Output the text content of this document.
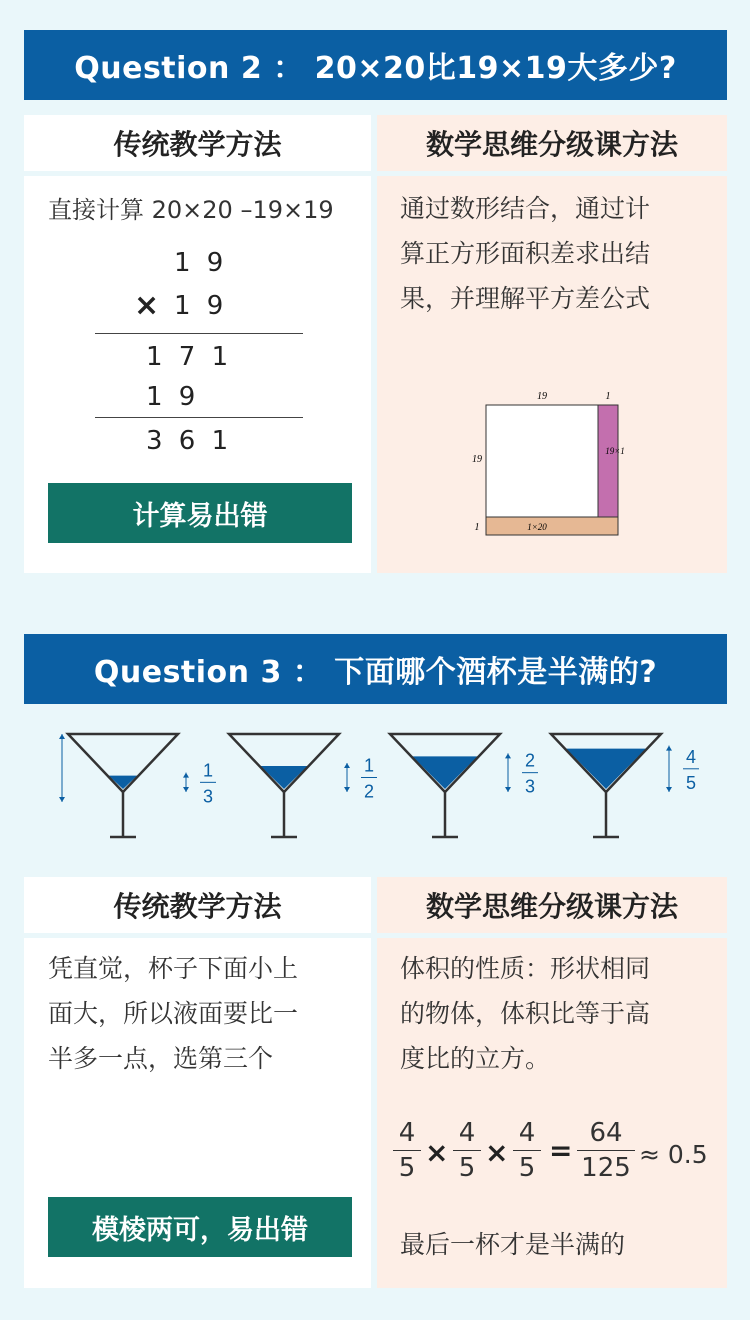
Question 2 ： 20×20比19×19大多少?
传统教学方法	数学思维分级课方法
直接计算 20×20 –19×19
1 9
× 1 9
1 7 1
1 9
3 6 1
计算易出错
通过数形结合，通过计
算正方形面积差求出结
果，并理解平方差公式
19	1
19
19×1
1	1×20
Question 3 ： 下面哪个酒杯是半满的?
1
3
1
2
2
3
4
5
传统教学方法	数学思维分级课方法
凭直觉，杯子下面小上
面大，所以液面要比一
半多一点，选第三个
模棱两可，易出错
体积的性质：形状相同
的物体，体积比等于高
度比的立方。
4
5 ×
4
5 ×
4
5
=
64
125 ≈ 0.5
最后一杯才是半满的
